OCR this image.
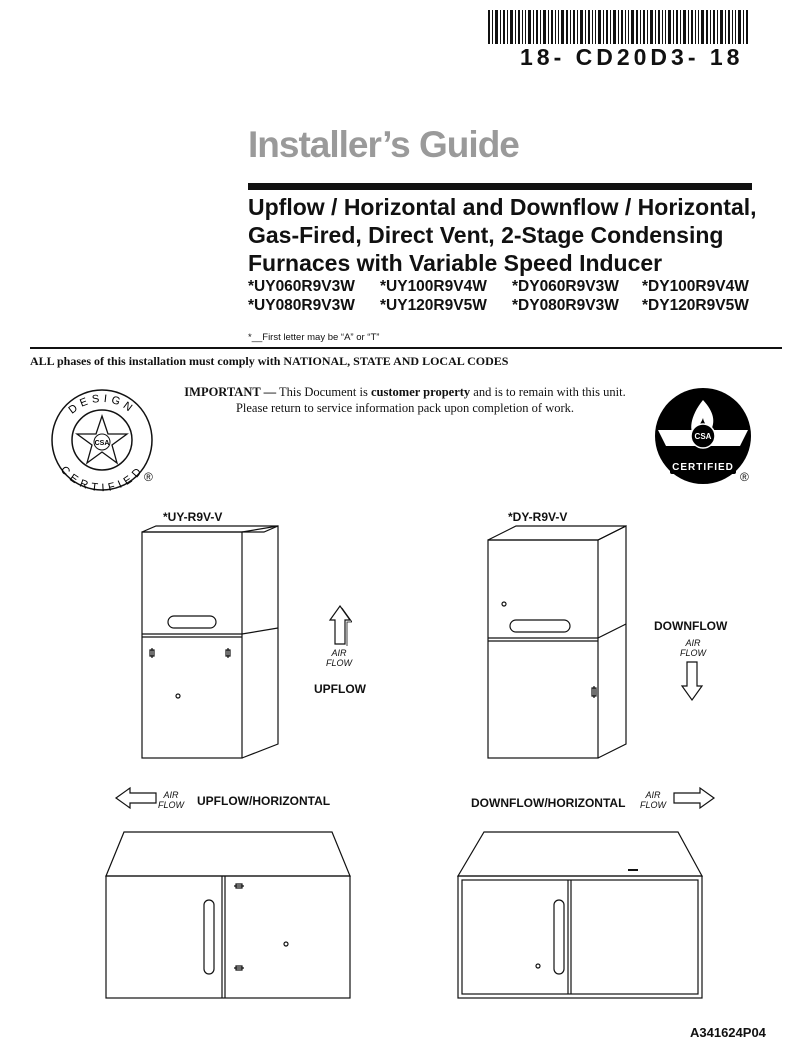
18- CD20D3- 18
Installer’s Guide
Upflow / Horizontal and Downflow / Horizontal,
Gas-Fired, Direct Vent, 2-Stage Condensing
Furnaces with Variable Speed Inducer
*UY060R9V3W	*UY100R9V4W	*DY060R9V3W	*DY100R9V4W
*UY080R9V3W	*UY120R9V5W	*DY080R9V3W	*DY120R9V5W
*__First letter may be “A” or “T”
ALL phases of this installation must comply with NATIONAL, STATE AND LOCAL CODES
IMPORTANT — This Document is customer property and is to remain with this unit.
Please return to service information pack upon completion of work.
DESIGN
CERTIFIED
CSA
®
CSA
CERTIFIED
®
*UY-R9V-V	*DY-R9V-V
AIR
FLOW
UPFLOW
DOWNFLOW
AIR
FLOW
AIR
FLOW UPFLOW/HORIZONTAL	DOWNFLOW/HORIZONTAL
AIR
FLOW
A341624P04
